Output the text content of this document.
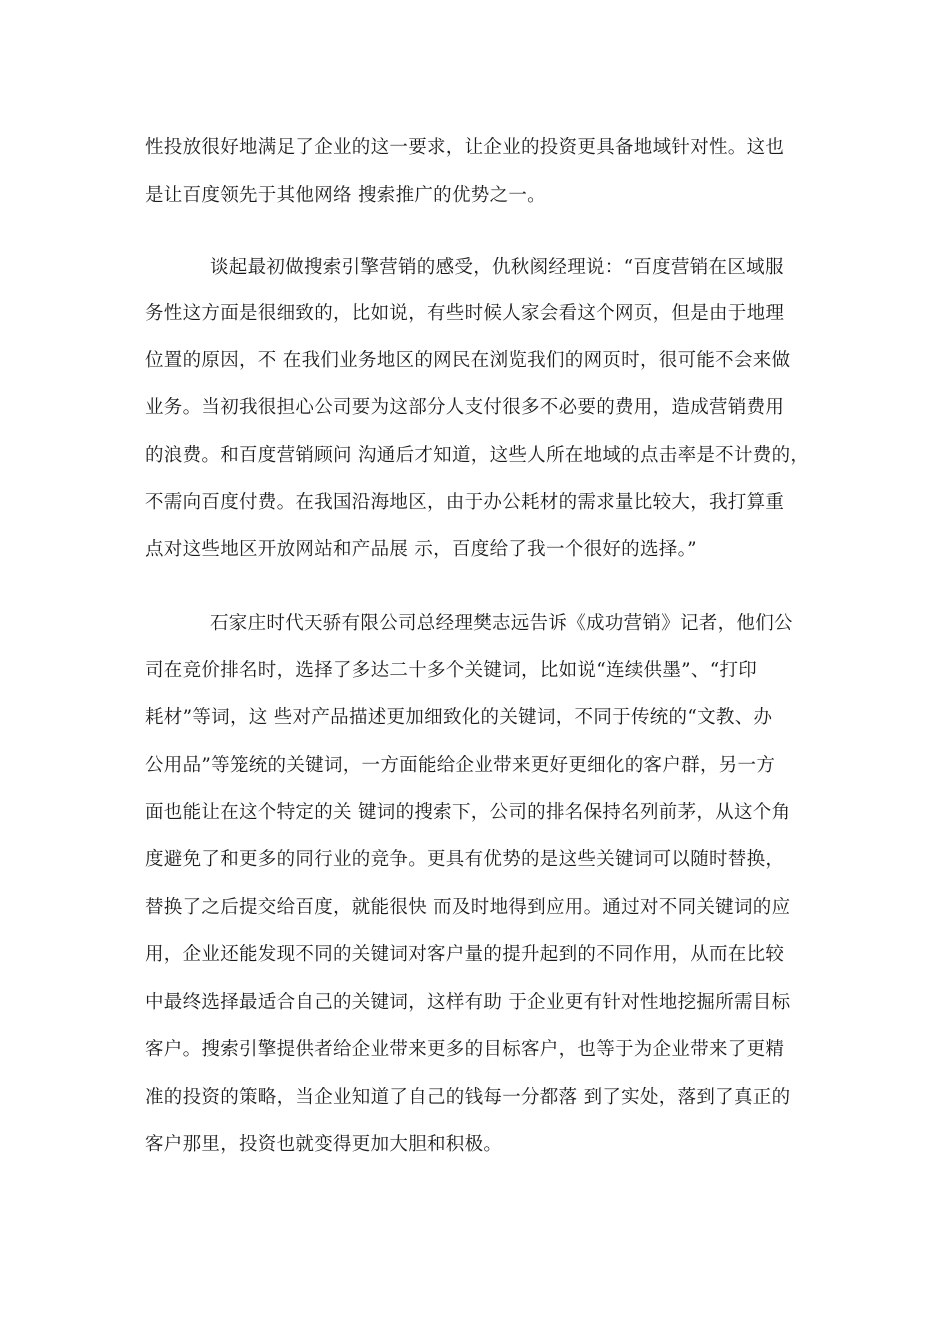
性投放很好地满足了企业的这一要求，让企业的投资更具备地域针对性。这也
是让百度领先于其他网络 搜索推广的优势之一。
谈起最初做搜索引擎营销的感受，仇秋阂经理说：“百度营销在区域服
务性这方面是很细致的，比如说，有些时候人家会看这个网页，但是由于地理
位置的原因，不 在我们业务地区的网民在浏览我们的网页时，很可能不会来做
业务。当初我很担心公司要为这部分人支付很多不必要的费用，造成营销费用
的浪费。和百度营销顾问 沟通后才知道，这些人所在地域的点击率是不计费的，
不需向百度付费。在我国沿海地区，由于办公耗材的需求量比较大，我打算重
点对这些地区开放网站和产品展 示，百度给了我一个很好的选择。”
石家庄时代天骄有限公司总经理樊志远告诉《成功营销》记者，他们公
司在竞价排名时，选择了多达二十多个关键词，比如说“连续供墨”、“打印
耗材”等词，这 些对产品描述更加细致化的关键词，不同于传统的“文教、办
公用品”等笼统的关键词，一方面能给企业带来更好更细化的客户群，另一方
面也能让在这个特定的关 键词的搜索下，公司的排名保持名列前茅，从这个角
度避免了和更多的同行业的竞争。更具有优势的是这些关键词可以随时替换，
替换了之后提交给百度，就能很快 而及时地得到应用。通过对不同关键词的应
用，企业还能发现不同的关键词对客户量的提升起到的不同作用，从而在比较
中最终选择最适合自己的关键词，这样有助 于企业更有针对性地挖掘所需目标
客户。搜索引擎提供者给企业带来更多的目标客户，也等于为企业带来了更精
准的投资的策略，当企业知道了自己的钱每一分都落 到了实处，落到了真正的
客户那里，投资也就变得更加大胆和积极。
